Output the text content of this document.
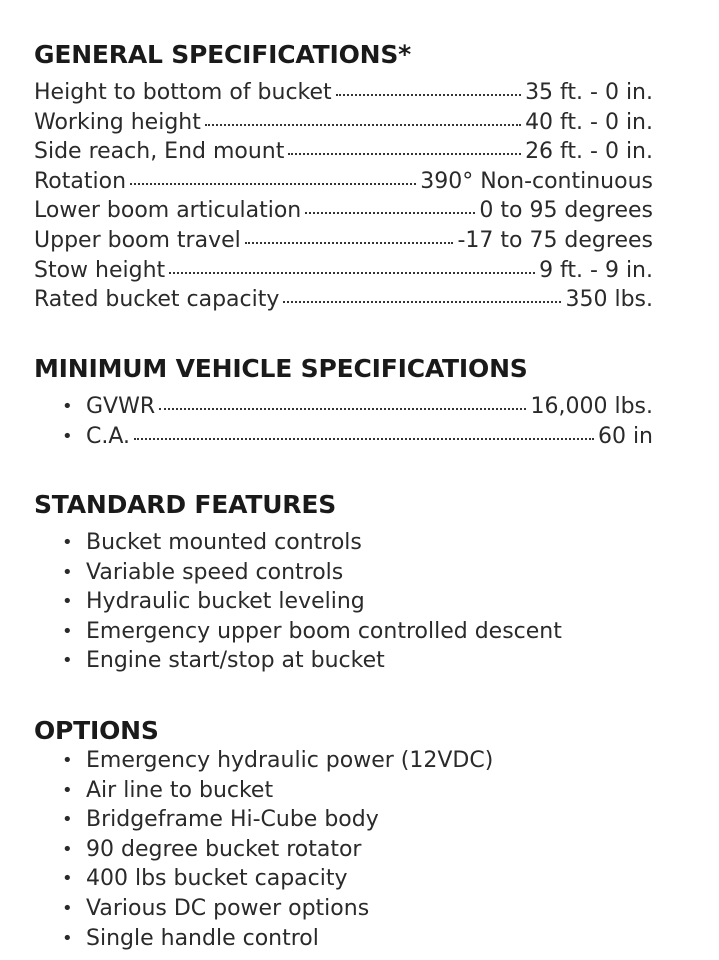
GENERAL SPECIFICATIONS*
Height to bottom of bucket	35 ft. - 0 in.
Working height	40 ft. - 0 in.
Side reach, End mount	26 ft. - 0 in.
Rotation	390° Non-continuous
Lower boom articulation	0 to 95 degrees
Upper boom travel	-17 to 75 degrees
Stow height	9 ft. - 9 in.
Rated bucket capacity	350 lbs.
MINIMUM VEHICLE SPECIFICATIONS
• GVWR	16,000 lbs.
• C.A.	60 in
STANDARD FEATURES
• Bucket mounted controls
• Variable speed controls
• Hydraulic bucket leveling
• Emergency upper boom controlled descent
• Engine start/stop at bucket
OPTIONS
• Emergency hydraulic power (12VDC)
• Air line to bucket
• Bridgeframe Hi-Cube body
• 90 degree bucket rotator
• 400 lbs bucket capacity
• Various DC power options
• Single handle control
